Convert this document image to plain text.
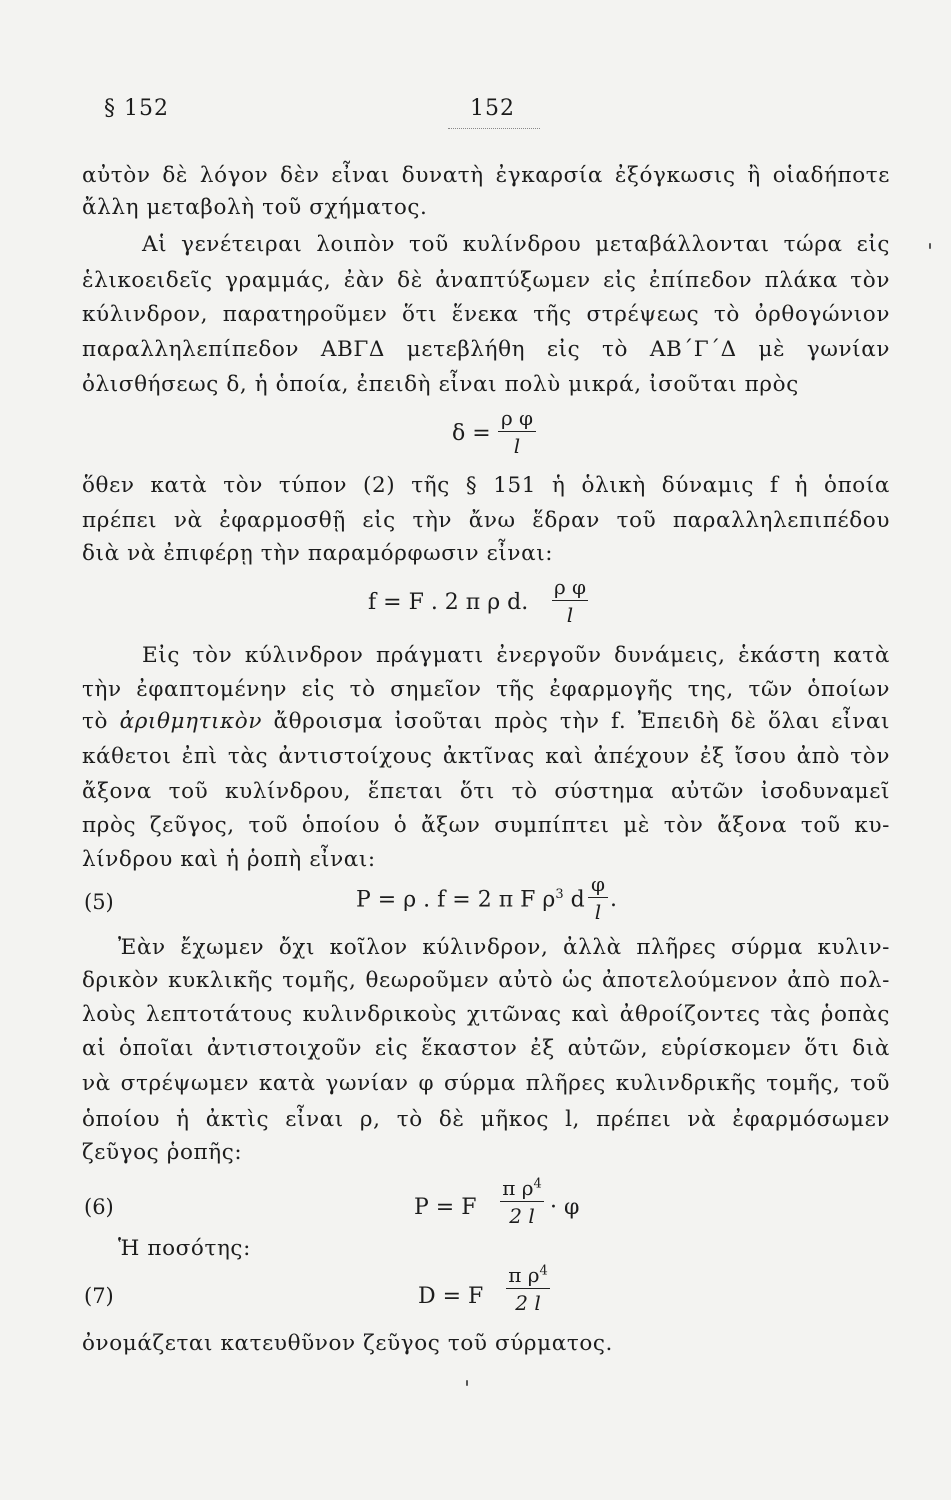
§ 152	152
αὐτὸν δὲ λόγον δὲν εἶναι δυνατὴ ἐγκαρσία ἐξόγκωσις ἢ οἱαδήποτε
ἄλλη μεταβολὴ τοῦ σχήματος.
Αἱ γενέτειραι λοιπὸν τοῦ κυλίνδρου μεταβάλλονται τώρα εἰς
ἑλικοειδεῖς γραμμάς, ἐὰν δὲ ἀναπτύξωμεν εἰς ἐπίπεδον πλάκα τὸν
κύλινδρον, παρατηροῦμεν ὅτι ἕνεκα τῆς στρέψεως τὸ ὀρθογώνιον
παραλληλεπίπεδον ΑΒΓΔ μετεβλήθη εἰς τὸ ΑΒ΄Γ΄Δ μὲ γωνίαν
ὀλισθήσεως δ, ἡ ὁποία, ἐπειδὴ εἶναι πολὺ μικρά, ἰσοῦται πρὸς
δ =
ρ φ
l
ὅθεν κατὰ τὸν τύπον (2) τῆς § 151 ἡ ὁλικὴ δύναμις f ἡ ὁποία
πρέπει νὰ ἐφαρμοσθῇ εἰς τὴν ἄνω ἕδραν τοῦ παραλληλεπιπέδου
διὰ νὰ ἐπιφέρῃ τὴν παραμόρφωσιν εἶναι:
f = F . 2 π ρ d.
ρ φ
l
Εἰς τὸν κύλινδρον πράγματι ἐνεργοῦν δυνάμεις, ἑκάστη κατὰ
τὴν ἐφαπτομένην εἰς τὸ σημεῖον τῆς ἐφαρμογῆς της, τῶν ὁποίων
τὸ ἀριθμητικὸν ἄθροισμα ἰσοῦται πρὸς τὴν f. Ἐπειδὴ δὲ ὅλαι εἶναι
κάθετοι ἐπὶ τὰς ἀντιστοίχους ἀκτῖνας καὶ ἀπέχουν ἐξ ἴσου ἀπὸ τὸν
ἄξονα τοῦ κυλίνδρου, ἕπεται ὅτι τὸ σύστημα αὐτῶν ἰσοδυναμεῖ
πρὸς ζεῦγος, τοῦ ὁποίου ὁ ἄξων συμπίπτει μὲ τὸν ἄξονα τοῦ κυ-
λίνδρου καὶ ἡ ῥοπὴ εἶναι:
(5)	P = ρ . f = 2 π F $\rho^3$ d
φ
l .
Ἐὰν ἔχωμεν ὄχι κοῖλον κύλινδρον, ἀλλὰ πλῆρες σύρμα κυλιν-
δρικὸν κυκλικῆς τομῆς, θεωροῦμεν αὐτὸ ὡς ἀποτελούμενον ἀπὸ πολ-
λοὺς λεπτοτάτους κυλινδρικοὺς χιτῶνας καὶ ἀθροίζοντες τὰς ῥοπὰς
αἱ ὁποῖαι ἀντιστοιχοῦν εἰς ἕκαστον ἐξ αὐτῶν, εὑρίσκομεν ὅτι διὰ
νὰ στρέψωμεν κατὰ γωνίαν φ σύρμα πλῆρες κυλινδρικῆς τομῆς, τοῦ
ὁποίου ἡ ἀκτὶς εἶναι ρ, τὸ δὲ μῆκος l, πρέπει νὰ ἐφαρμόσωμεν
ζεῦγος ῥοπῆς:
(6)	P = F
π $\rho^4$
2 l · φ
Ἡ ποσότης:
(7)	D = F
π $\rho^4$
2 l
ὀνομάζεται κατευθῦνον ζεῦγος τοῦ σύρματος.
